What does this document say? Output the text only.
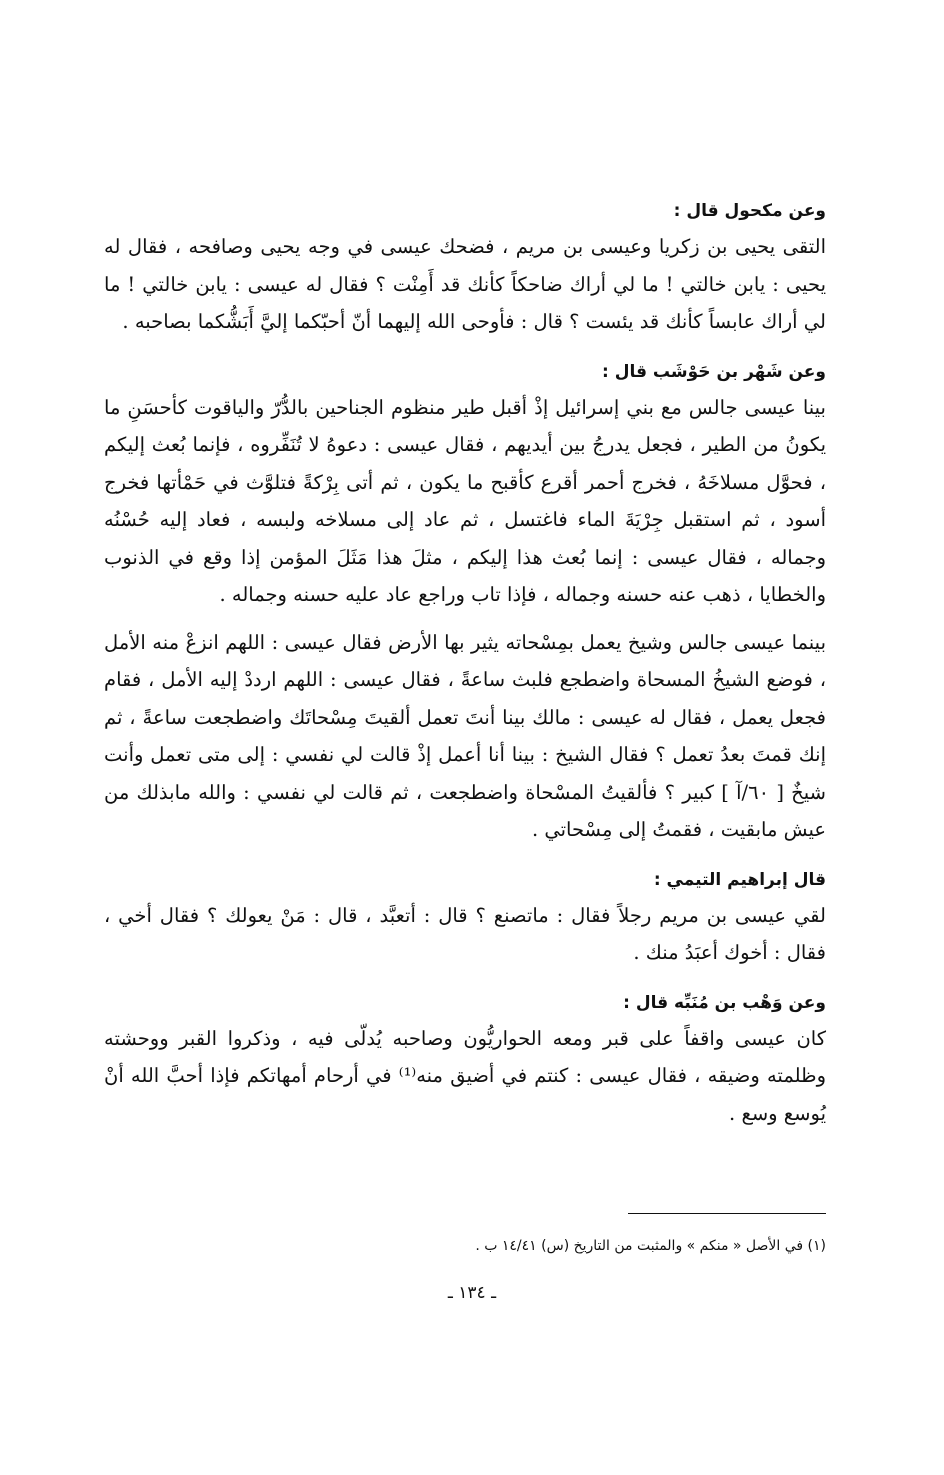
وعن مكحول قال :

التقى يحيى بن زكريا وعيسى بن مريم ، فضحك عيسى في وجه يحيى وصافحه ، فقال له يحيى : يابن خالتي ! ما لي أراك ضاحكاً كأنك قد أَمِنْت ؟ فقال له عيسى : يابن خالتي ! ما لي أراك عابساً كأنك قد يئست ؟ قال : فأوحى الله إليهما أنّ أحبّكما إليَّ أَبَشُّكما بصاحبه .

وعن شَهْر بن حَوْشَب قال :

بينا عيسى جالس مع بني إسرائيل إذْ أقبل طير منظوم الجناحين بالدُّرّ والياقوت كأحسَنِ ما يكونُ من الطير ، فجعل يدرجُ بين أيديهم ، فقال عيسى : دعوهُ لا تُنَفِّروه ، فإنما بُعث إليكم ، فحوَّل مسلاخَهُ ، فخرج أحمر أقرع كأقبح ما يكون ، ثم أتى بِرْكةً فتلوَّث في حَمْأتها فخرج أسود ، ثم استقبل جِرْيَةَ الماء فاغتسل ، ثم عاد إلى مسلاخه ولبسه ، فعاد إليه حُسْنُه وجماله ، فقال عيسى : إنما بُعث هذا إليكم ، مثلَ هذا مَثَلَ المؤمن إذا وقع في الذنوب والخطايا ، ذهب عنه حسنه وجماله ، فإذا تاب وراجع عاد عليه حسنه وجماله .

بينما عيسى جالس وشيخ يعمل بمِسْحاته يثير بها الأرض فقال عيسى : اللهم انزعْ منه الأمل ، فوضع الشيخُ المسحاة واضطجع فلبث ساعةً ، فقال عيسى : اللهم ارددْ إليه الأمل ، فقام فجعل يعمل ، فقال له عيسى : مالك بينا أنتَ تعمل ألقيتَ مِسْحاتَك واضطجعت ساعةً ، ثم إنك قمتَ بعدُ تعمل ؟ فقال الشيخ : بينا أنا أعمل إذْ قالت لي نفسي : إلى متى تعمل وأنت شيخٌ [ ٦٠/آ ] كبير ؟ فألقيتُ المسْحاة واضطجعت ، ثم قالت لي نفسي : والله مابذلك من عيش مابقيت ، فقمتُ إلى مِسْحاتي .

قال إبراهيم التيمي :

لقي عيسى بن مريم رجلاً فقال : ماتصنع ؟ قال : أتعبَّد ، قال : مَنْ يعولك ؟ فقال أخي ، فقال : أخوك أعبَدُ منك .

وعن وَهْب بن مُنَبِّه قال :

كان عيسى واقفاً على قبر ومعه الحواريُّون وصاحبه يُدلّى فيه ، وذكروا القبر ووحشته وظلمته وضيقه ، فقال عيسى : كنتم في أضيق منه⁽¹⁾ في أرحام أمهاتكم فإذا أحبَّ الله أنْ يُوسع وسع .

(١) في الأصل « منكم » والمثبت من التاريخ (س) ١٤/٤١ ب .
ـ ١٣٤ ـ
